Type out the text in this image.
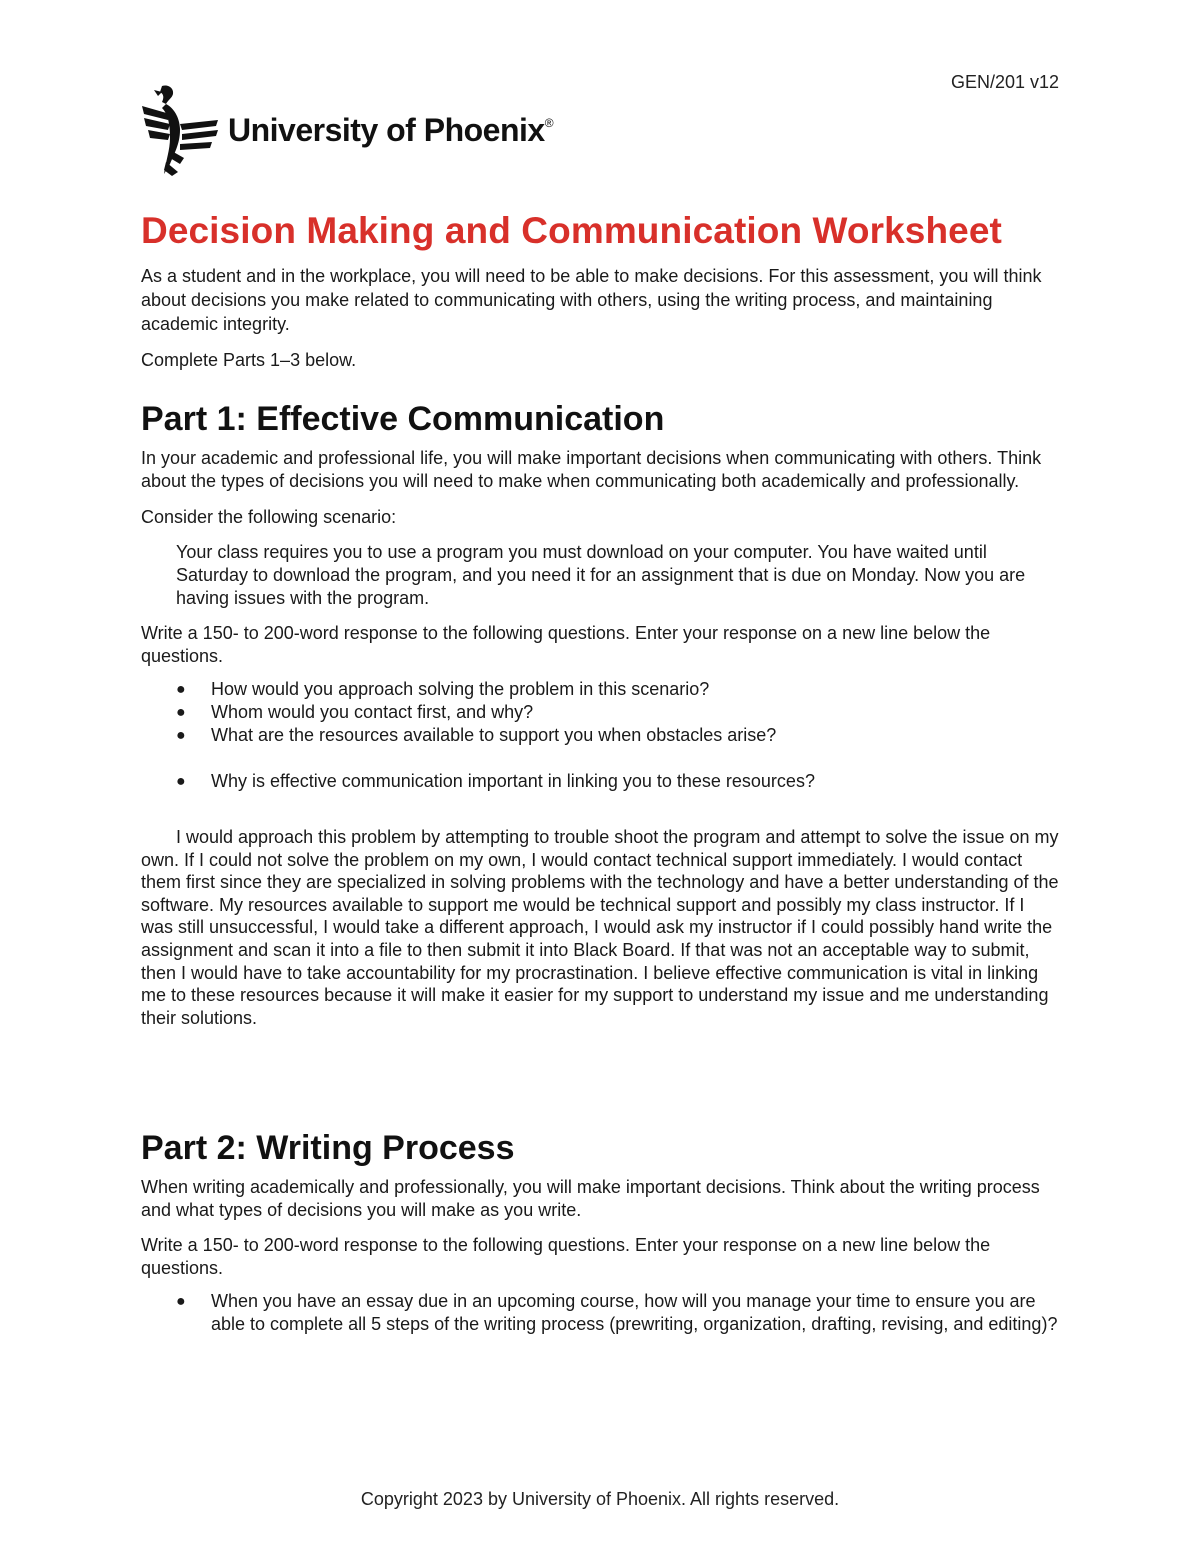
GEN/201 v12
University of Phoenix®
Decision Making and Communication Worksheet

As a student and in the workplace, you will need to be able to make decisions. For this assessment, you will think about decisions you make related to communicating with others, using the writing process, and maintaining academic integrity.

Complete Parts 1–3 below.

Part 1: Effective Communication

In your academic and professional life, you will make important decisions when communicating with others. Think about the types of decisions you will need to make when communicating both academically and professionally.

Consider the following scenario:

Your class requires you to use a program you must download on your computer. You have waited until Saturday to download the program, and you need it for an assignment that is due on Monday. Now you are having issues with the program.

Write a 150- to 200-word response to the following questions. Enter your response on a new line below the questions.

● How would you approach solving the problem in this scenario?
● Whom would you contact first, and why?
● What are the resources available to support you when obstacles arise?
● Why is effective communication important in linking you to these resources?

I would approach this problem by attempting to trouble shoot the program and attempt to solve the issue on my own. If I could not solve the problem on my own, I would contact technical support immediately. I would contact them first since they are specialized in solving problems with the technology and have a better understanding of the software. My resources available to support me would be technical support and possibly my class instructor. If I was still unsuccessful, I would take a different approach, I would ask my instructor if I could possibly hand write the assignment and scan it into a file to then submit it into Black Board. If that was not an acceptable way to submit, then I would have to take accountability for my procrastination. I believe effective communication is vital in linking me to these resources because it will make it easier for my support to understand my issue and me understanding their solutions.

Part 2: Writing Process

When writing academically and professionally, you will make important decisions. Think about the writing process and what types of decisions you will make as you write.

Write a 150- to 200-word response to the following questions. Enter your response on a new line below the questions.

● When you have an essay due in an upcoming course, how will you manage your time to ensure you are able to complete all 5 steps of the writing process (prewriting, organization, drafting, revising, and editing)?
Copyright 2023 by University of Phoenix. All rights reserved.
